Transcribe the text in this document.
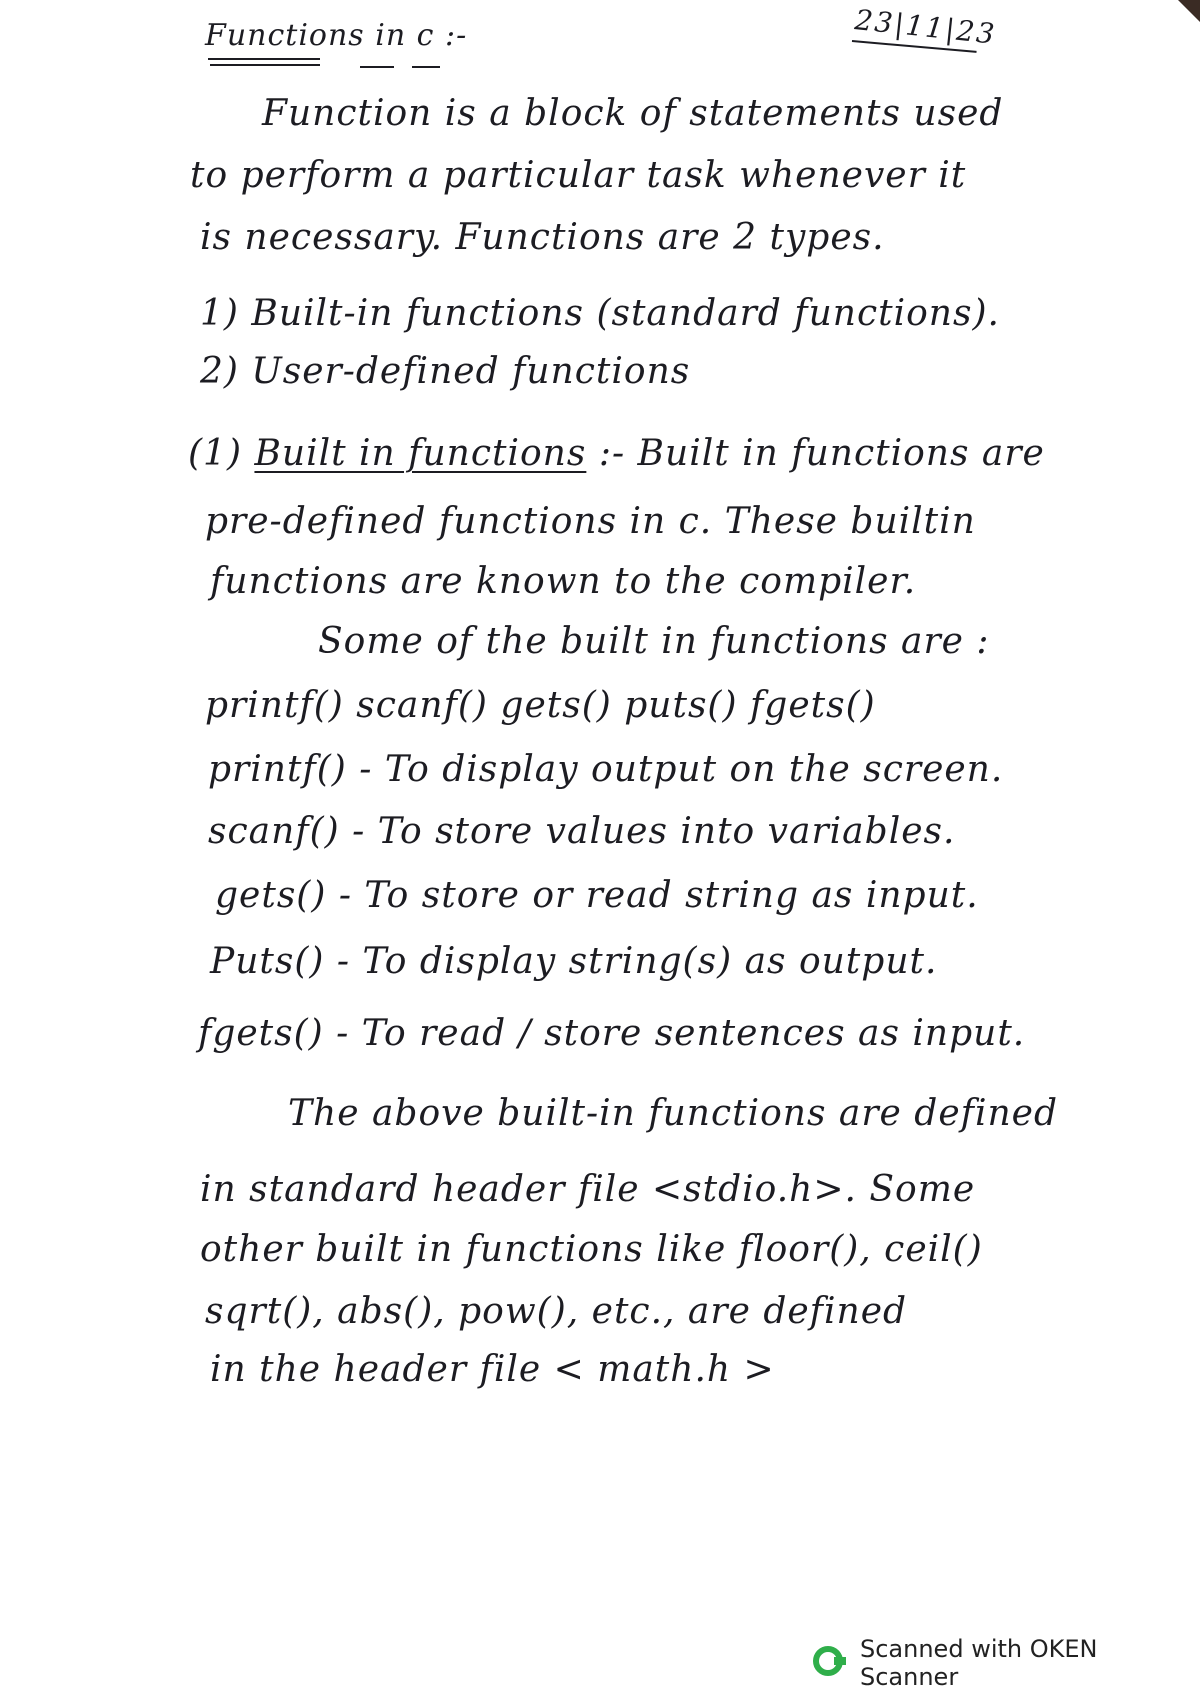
Functions in c :-	23|11|23
Function is a block of statements used
to perform a particular task whenever it
is necessary. Functions are 2 types.
1) Built-in functions (standard functions).
2) User-defined functions
(1) Built in functions :- Built in functions are
pre-defined functions in c. These builtin
functions are known to the compiler.
Some of the built in functions are :
printf() scanf() gets() puts() fgets()
printf() - To display output on the screen.
scanf() - To store values into variables.
gets() - To store or read string as input.
Puts() - To display string(s) as output.
fgets() - To read / store sentences as input.
The above built-in functions are defined
in standard header file <stdio.h>. Some
other built in functions like floor(), ceil()
sqrt(), abs(), pow(), etc., are defined
in the header file < math.h >
Scanned with OKEN Scanner
